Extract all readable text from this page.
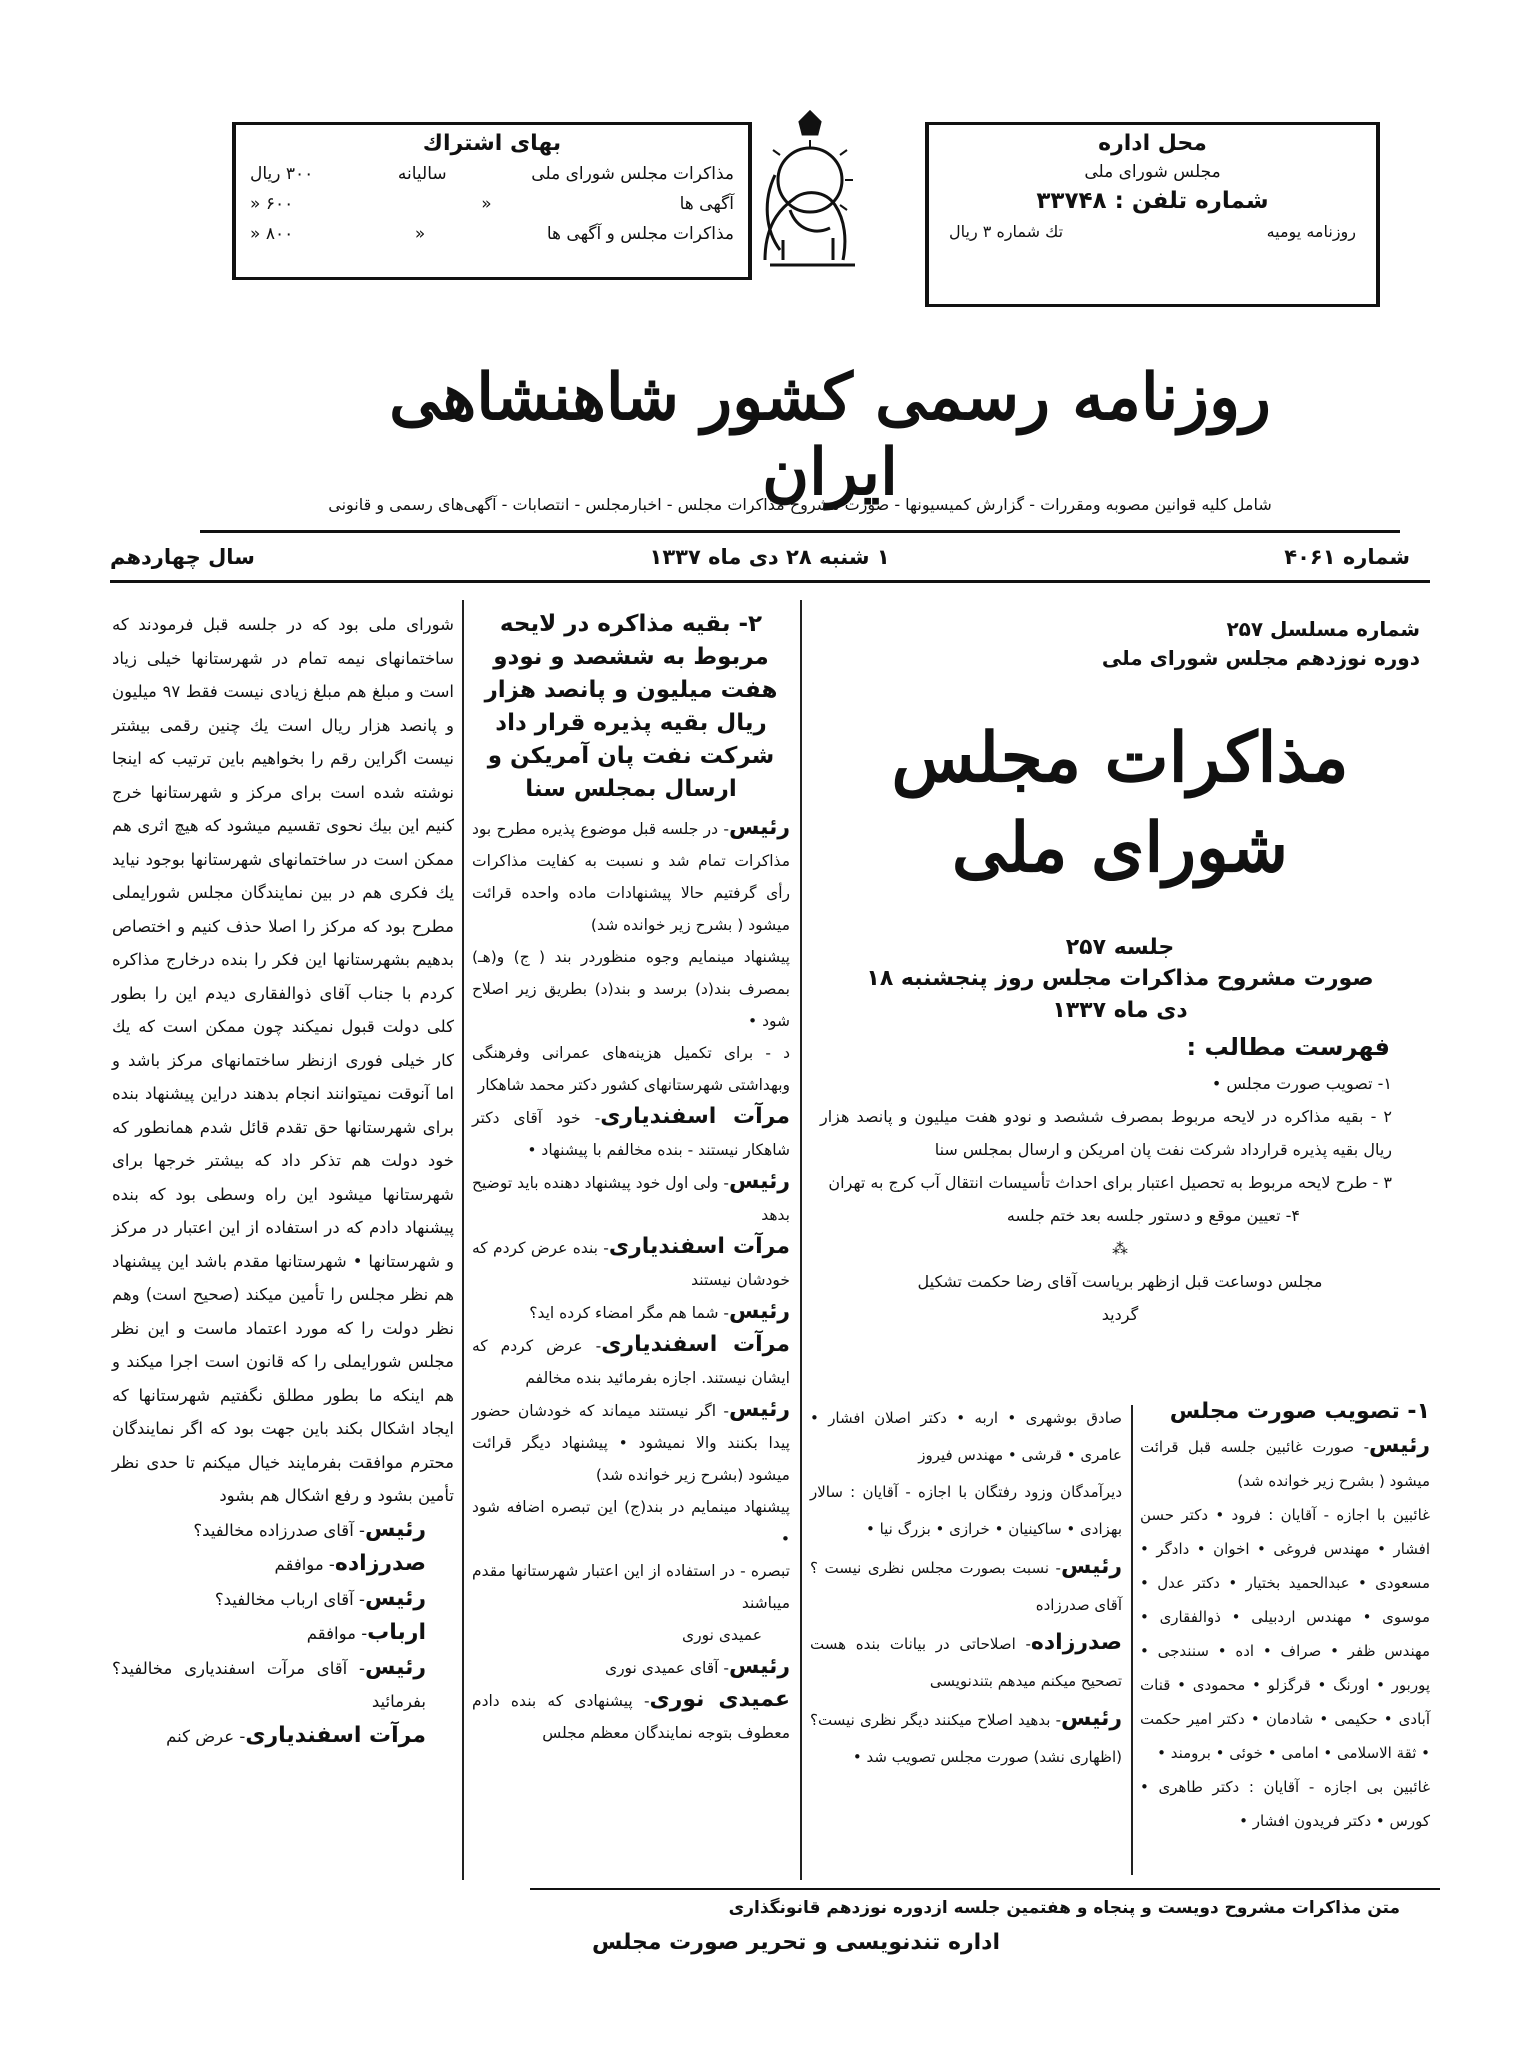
بهای اشتراك
مذاکرات مجلس شورای ملی
سالیانه
۳۰۰ ریال
آگهی ها
«
۶۰۰ «
مذاکرات مجلس و آگهی ها
«
۸۰۰ «
محل اداره
مجلس شورای ملی
شماره تلفن : ۳۳۷۴۸
روزنامه یومیه
تك شماره ۳ ریال
روزنامه رسمی کشور شاهنشاهی ایران
شامل کلیه قوانین مصوبه ومقررات - گزارش کمیسیونها - صورت مشروح مذاکرات مجلس - اخبارمجلس - انتصابات - آگهی‌های رسمی و قانونی
شماره ۴۰۶۱
۱ شنبه ۲۸ دی ماه ۱۳۳۷
سال چهاردهم
شماره مسلسل ۲۵۷
دوره نوزدهم مجلس شورای ملی
مذاکرات مجلس شورای ملی
جلسه ۲۵۷
صورت مشروح مذاکرات مجلس روز پنجشنبه ۱۸
دی ماه ۱۳۳۷
فهرست مطالب :

۱- تصویب صورت مجلس •

۲ - بقیه مذاکره در لایحه مربوط بمصرف ششصد و نودو هفت میلیون و پانصد هزار ریال بقیه پذیره قرارداد شرکت نفت پان امریکن و ارسال بمجلس سنا

۳ - طرح لایحه مربوط به تحصیل اعتبار برای احداث تأسیسات انتقال آب کرج به تهران

۴- تعیین موقع و دستور جلسه بعد ختم جلسه

⁂

مجلس دوساعت قبل ازظهر بریاست آقای رضا حکمت تشکیل گردید

۱- تصویب صورت مجلس

رئیس- صورت غائبین جلسه قبل قرائت میشود ( بشرح زیر خوانده شد)

غائبین با اجازه - آقایان : فرود • دکتر حسن افشار • مهندس فروغی • اخوان • دادگر • مسعودی • عبدالحمید بختیار • دکتر عدل • موسوی • مهندس اردبیلی • ذوالفقاری • مهندس ظفر • صراف • اده • سنندجی • پوربور • اورنگ • قرگزلو • محمودی • قنات آبادی • حکیمی • شادمان • دکتر امیر حکمت • ثقة الاسلامی • امامی • خوئی • برومند •

غائبین بی اجازه - آقایان : دکتر طاهری • کورس • دکتر فریدون افشار •

صادق بوشهری • اربه • دکتر اصلان افشار • عامری • قرشی • مهندس فیروز

دیرآمدگان وزود رفتگان با اجازه - آقایان : سالار بهزادی • ساکینیان • خرازی • بزرگ نیا •

رئیس- نسبت بصورت مجلس نظری نیست ؟ آقای صدرزاده

صدرزاده- اصلاحاتی در بیانات بنده هست تصحیح میکنم میدهم بتندنویسی

رئیس- بدهید اصلاح میکنند دیگر نظری نیست؟ (اظهاری نشد) صورت مجلس تصویب شد •

۲- بقیه مذاکره در لایحه مربوط به ششصد و نودو هفت میلیون و پانصد هزار ریال بقیه پذیره قرار داد شرکت نفت پان آمریکن و ارسال بمجلس سنا

رئیس- در جلسه قبل موضوع پذیره مطرح بود مذاکرات تمام شد و نسبت به کفایت مذاکرات رأی گرفتیم حالا پیشنهادات ماده واحده قرائت میشود ( بشرح زیر خوانده شد)

پیشنهاد مینمایم وجوه منظوردر بند ( ج) و(هـ) بمصرف بند(د) برسد و بند(د) بطریق زیر اصلاح شود •

د - برای تکمیل هزینه‌های عمرانی وفرهنگی وبهداشتی شهرستانهای کشور دکتر محمد شاهکار

مرآت اسفندیاری- خود آقای دکتر شاهکار نیستند - بنده مخالفم با پیشنهاد •

رئیس- ولی اول خود پیشنهاد دهنده باید توضیح بدهد

مرآت اسفندیاری- بنده عرض کردم که خودشان نیستند

رئیس- شما هم مگر امضاء کرده اید؟

مرآت اسفندیاری- عرض کردم که ایشان نیستند. اجازه بفرمائید بنده مخالفم

رئیس- اگر نیستند میماند که خودشان حضور پیدا بکنند والا نمیشود • پیشنهاد دیگر قرائت میشود (بشرح زیر خوانده شد)

پیشنهاد مینمایم در بند(ج) این تبصره اضافه شود •

تبصره - در استفاده از این اعتبار شهرستانها مقدم میباشند

عمیدی نوری

رئیس- آقای عمیدی نوری

عمیدی نوری- پیشنهادی که بنده دادم معطوف بتوجه نمایندگان معظم مجلس

شورای ملی بود که در جلسه قبل فرمودند که ساختمانهای نیمه تمام در شهرستانها خیلی زیاد است و مبلغ هم مبلغ زیادی نیست فقط ۹۷ میلیون و پانصد هزار ریال است یك چنین رقمی بیشتر نیست اگراین رقم را بخواهیم باین ترتیب که اینجا نوشته شده است برای مرکز و شهرستانها خرج کنیم این بیك نحوی تقسیم میشود که هیچ اثری هم ممکن است در ساختمانهای شهرستانها بوجود نیاید یك فکری هم در بین نمایندگان مجلس شورایملی مطرح بود که مرکز را اصلا حذف کنیم و اختصاص بدهیم بشهرستانها این فکر را بنده درخارج مذاکره کردم با جناب آقای ذوالفقاری دیدم این را بطور کلی دولت قبول نمیکند چون ممکن است که یك کار خیلی فوری ازنظر ساختمانهای مرکز باشد و اما آنوقت نمیتوانند انجام بدهند دراین پیشنهاد بنده برای شهرستانها حق تقدم قائل شدم همانطور که خود دولت هم تذکر داد که بیشتر خرجها برای شهرستانها میشود این راه وسطی بود که بنده پیشنهاد دادم که در استفاده از این اعتبار در مرکز و شهرستانها • شهرستانها مقدم باشد این پیشنهاد هم نظر مجلس را تأمین میکند (صحیح است) وهم نظر دولت را که مورد اعتماد ماست و این نظر مجلس شورایملی را که قانون است اجرا میکند و هم اینکه ما بطور مطلق نگفتیم شهرستانها که ایجاد اشکال بکند باین جهت بود که اگر نمایندگان محترم موافقت بفرمایند خیال میکنم تا حدی نظر تأمین بشود و رفع اشکال هم بشود

رئیس- آقای صدرزاده مخالفید؟

صدرزاده- موافقم

رئیس- آقای ارباب مخالفید؟

ارباب- موافقم

رئیس- آقای مرآت اسفندیاری مخالفید؟ بفرمائید

مرآت اسفندیاری- عرض کنم

متن مذاکرات مشروح دویست و پنجاه و هفتمین جلسه ازدوره نوزدهم قانونگذاری
اداره تندنویسی و تحریر صورت مجلس
